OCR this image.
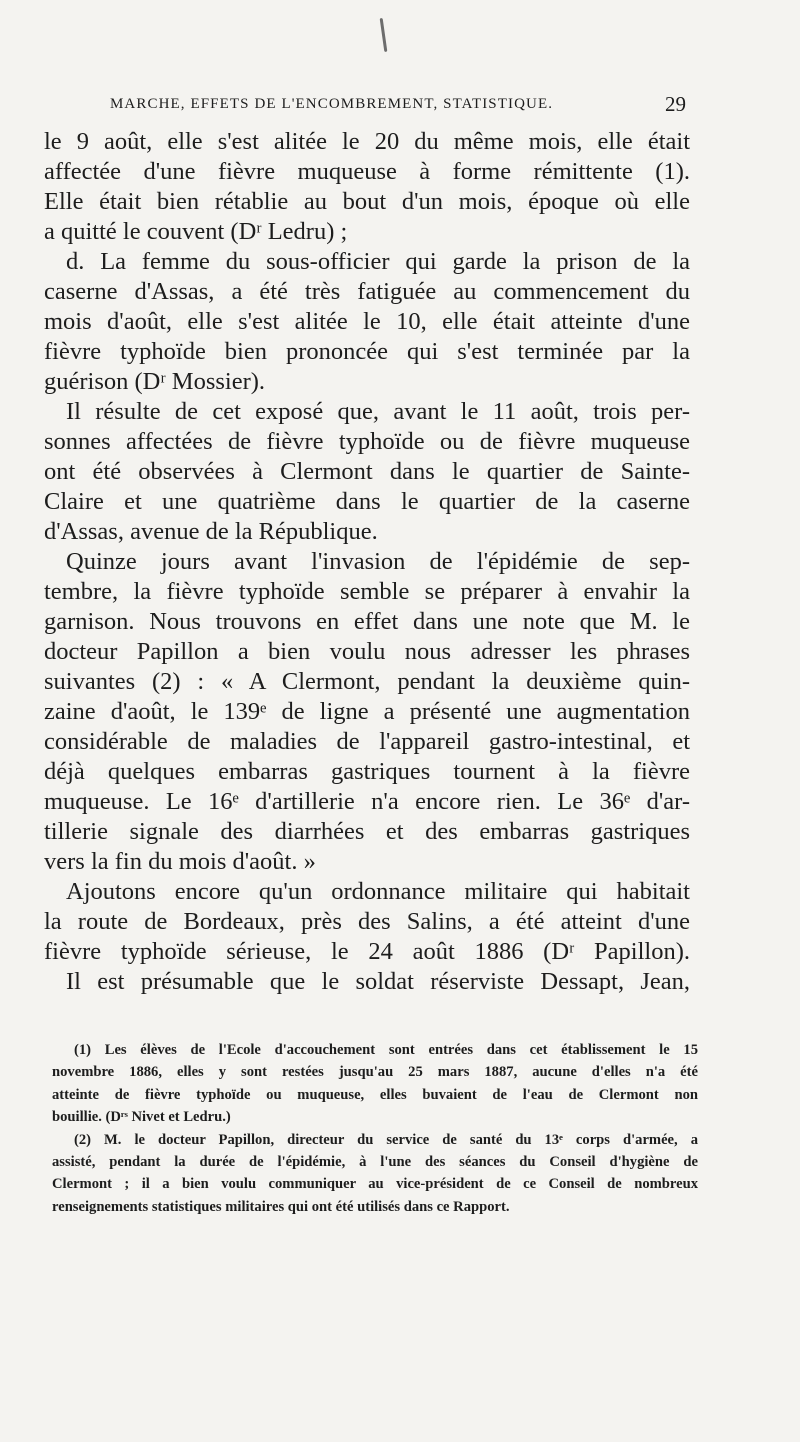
MARCHE, EFFETS DE L'ENCOMBREMENT, STATISTIQUE.	29
le 9 août, elle s'est alitée le 20 du même mois, elle était
affectée d'une fièvre muqueuse à forme rémittente (1).
Elle était bien rétablie au bout d'un mois, époque où elle
a quitté le couvent (Dʳ Ledru) ;
d. La femme du sous-officier qui garde la prison de la
caserne d'Assas, a été très fatiguée au commencement du
mois d'août, elle s'est alitée le 10, elle était atteinte d'une
fièvre typhoïde bien prononcée qui s'est terminée par la
guérison (Dʳ Mossier).
Il résulte de cet exposé que, avant le 11 août, trois per-
sonnes affectées de fièvre typhoïde ou de fièvre muqueuse
ont été observées à Clermont dans le quartier de Sainte-
Claire et une quatrième dans le quartier de la caserne
d'Assas, avenue de la République.
Quinze jours avant l'invasion de l'épidémie de sep-
tembre, la fièvre typhoïde semble se préparer à envahir la
garnison. Nous trouvons en effet dans une note que M. le
docteur Papillon a bien voulu nous adresser les phrases
suivantes (2) : « A Clermont, pendant la deuxième quin-
zaine d'août, le 139ᵉ de ligne a présenté une augmentation
considérable de maladies de l'appareil gastro-intestinal, et
déjà quelques embarras gastriques tournent à la fièvre
muqueuse. Le 16ᵉ d'artillerie n'a encore rien. Le 36ᵉ d'ar-
tillerie signale des diarrhées et des embarras gastriques
vers la fin du mois d'août. »
Ajoutons encore qu'un ordonnance militaire qui habitait
la route de Bordeaux, près des Salins, a été atteint d'une
fièvre typhoïde sérieuse, le 24 août 1886 (Dʳ Papillon).
Il est présumable que le soldat réserviste Dessapt, Jean,
(1) Les élèves de l'Ecole d'accouchement sont entrées dans cet établissement le 15
novembre 1886, elles y sont restées jusqu'au 25 mars 1887, aucune d'elles n'a été
atteinte de fièvre typhoïde ou muqueuse, elles buvaient de l'eau de Clermont non
bouillie. (Dʳˢ Nivet et Ledru.)
(2) M. le docteur Papillon, directeur du service de santé du 13ᵉ corps d'armée, a
assisté, pendant la durée de l'épidémie, à l'une des séances du Conseil d'hygiène de
Clermont ; il a bien voulu communiquer au vice-président de ce Conseil de nombreux
renseignements statistiques militaires qui ont été utilisés dans ce Rapport.
